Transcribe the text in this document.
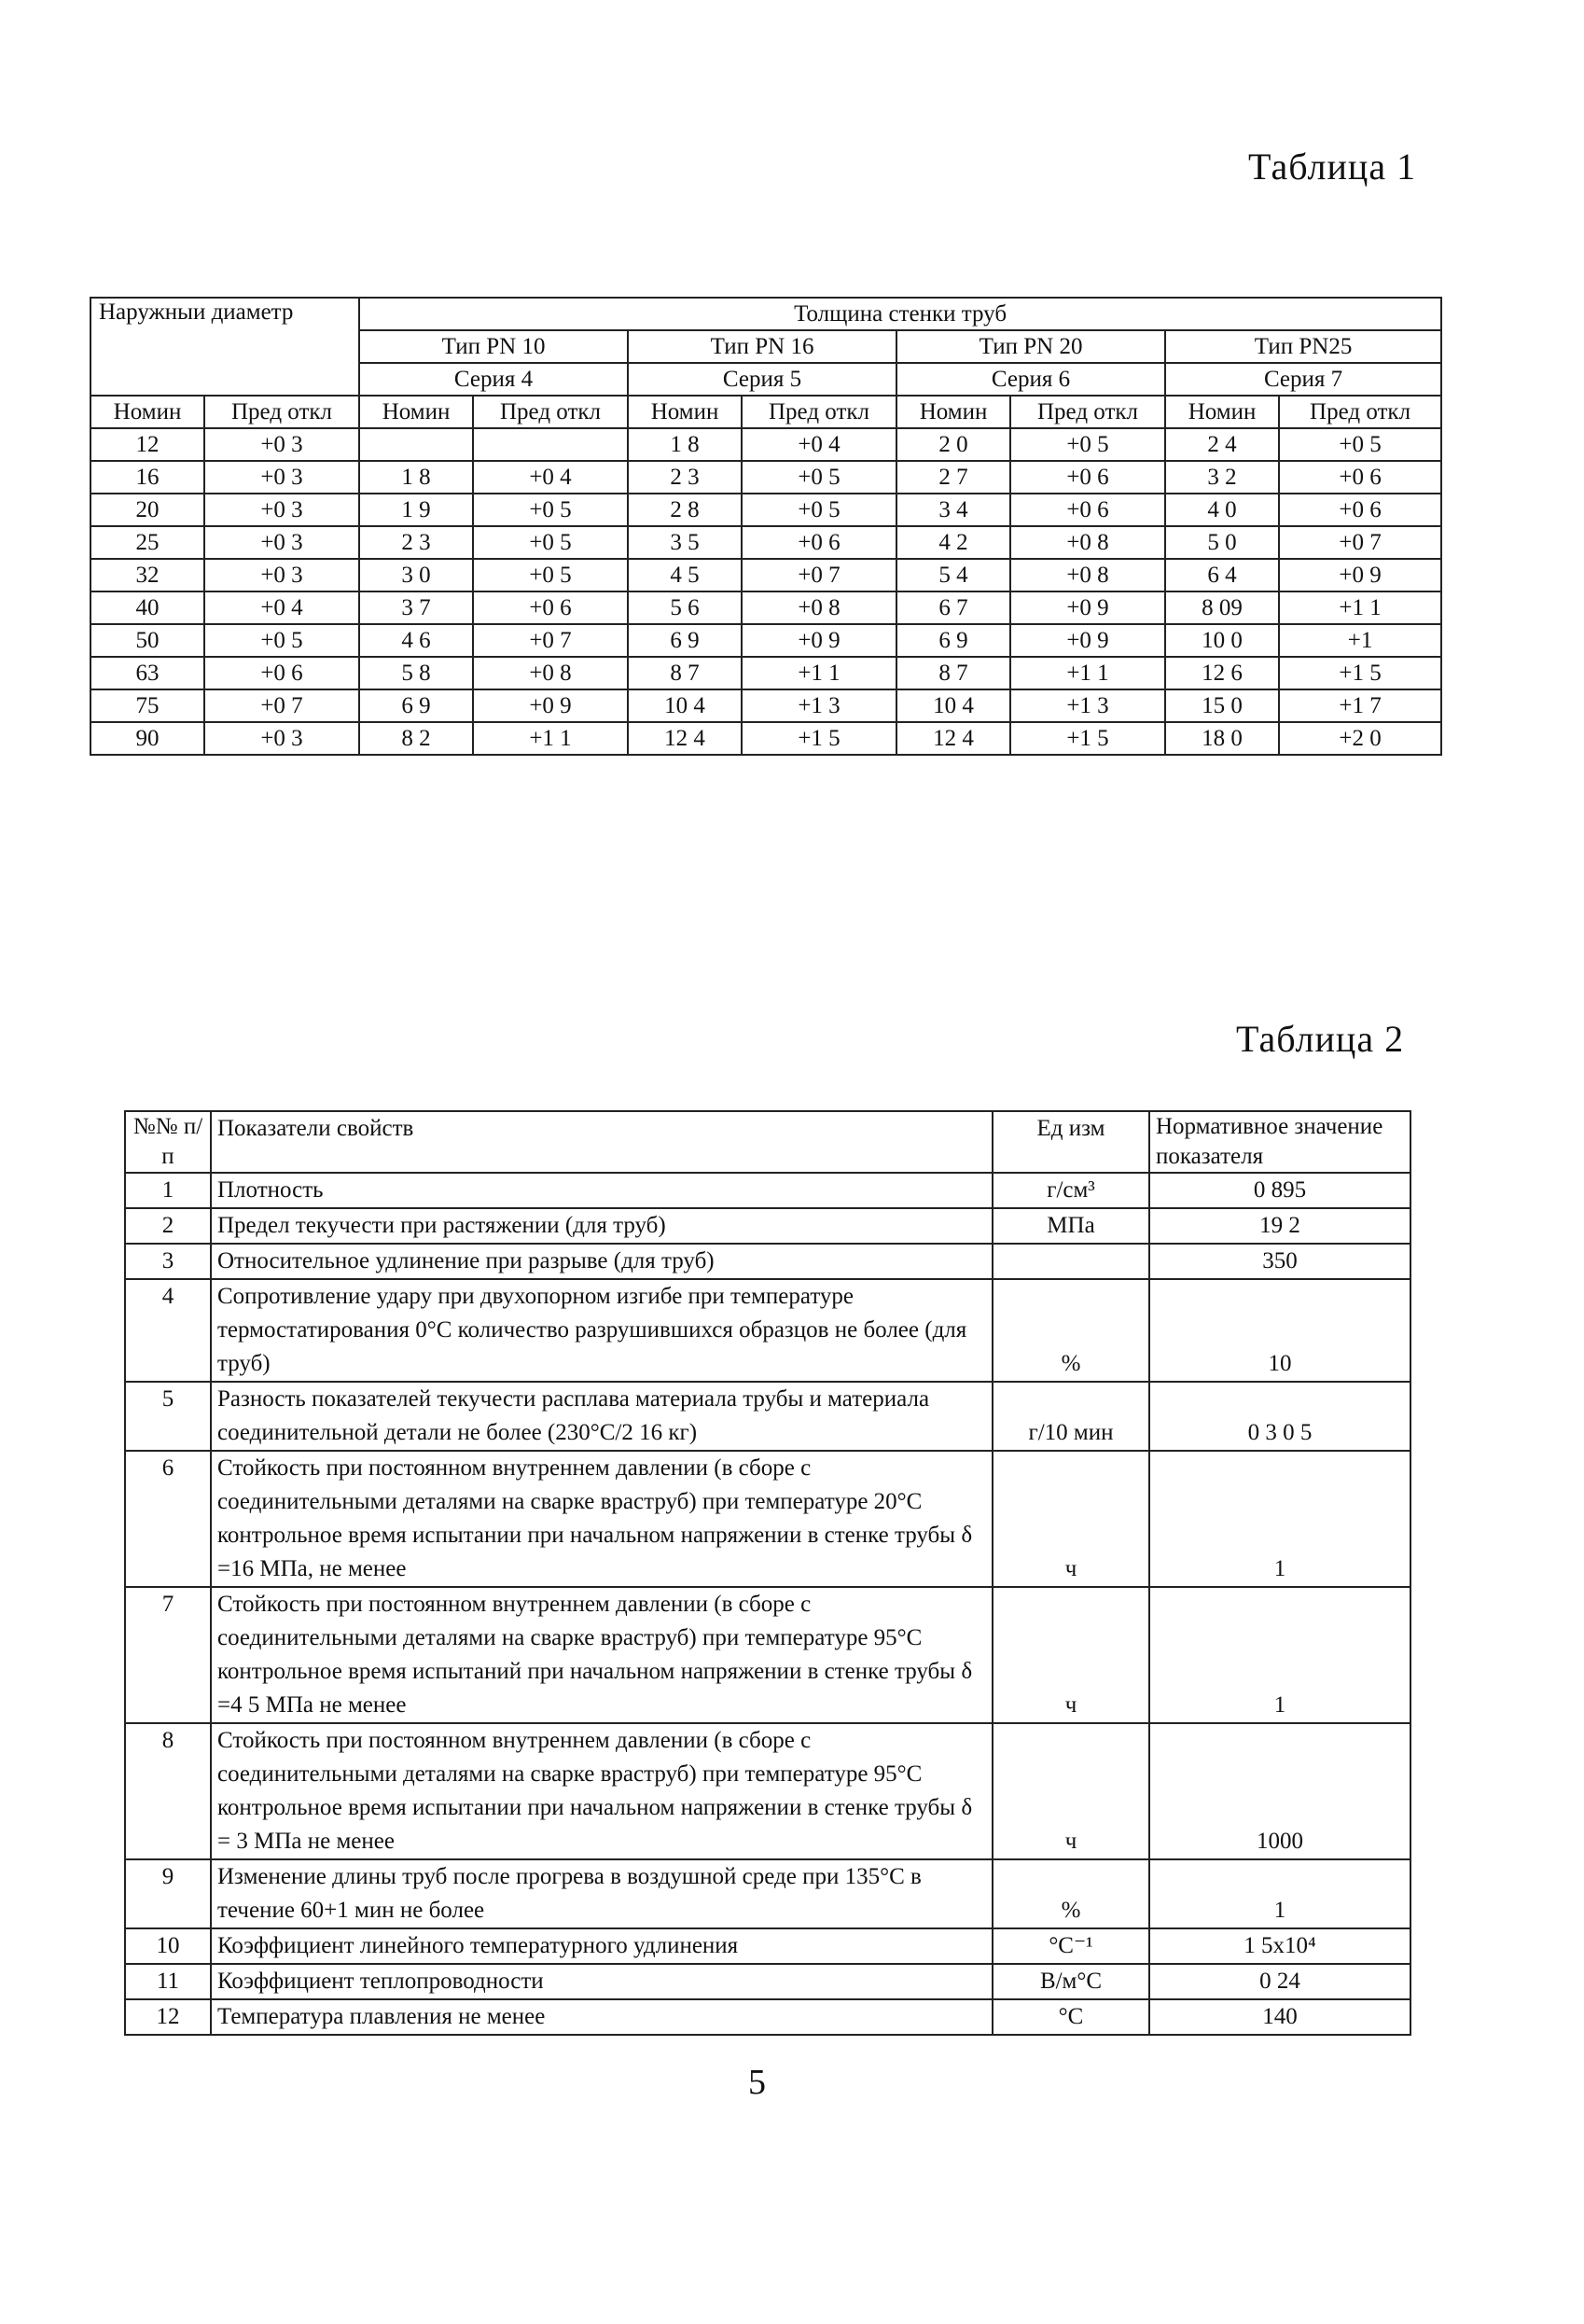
Таблица 1
Наружныи диаметр		Толщина стенки труб							
		Тип PN 10		Тип PN 16		Тип PN 20		Тип PN25	
		Серия 4		Серия 5		Серия 6		Серия 7	
Номин	Пред откл	Номин	Пред откл	Номин	Пред откл	Номин	Пред откл	Номин	Пред откл
12	+0 3			1 8	+0 4	2 0	+0 5	2 4	+0 5
16	+0 3	1 8	+0 4	2 3	+0 5	2 7	+0 6	3 2	+0 6
20	+0 3	1 9	+0 5	2 8	+0 5	3 4	+0 6	4 0	+0 6
25	+0 3	2 3	+0 5	3 5	+0 6	4 2	+0 8	5 0	+0 7
32	+0 3	3 0	+0 5	4 5	+0 7	5 4	+0 8	6 4	+0 9
40	+0 4	3 7	+0 6	5 6	+0 8	6 7	+0 9	8 09	+1 1
50	+0 5	4 6	+0 7	6 9	+0 9	6 9	+0 9	10 0	+1
63	+0 6	5 8	+0 8	8 7	+1 1	8 7	+1 1	12 6	+1 5
75	+0 7	6 9	+0 9	10 4	+1 3	10 4	+1 3	15 0	+1 7
90	+0 3	8 2	+1 1	12 4	+1 5	12 4	+1 5	18 0	+2 0
Таблица 2
№№ п/п	Показатели свойств	Ед изм	Нормативное значение показателя
1	Плотность	г/см³	0 895
2	Предел текучести при растяжении (для труб)	МПа	19 2
3	Относительное удлинение при разрыве (для труб)		350
4	Сопротивление удару при двухопорном изгибе при температуре термостатирования 0°С количество разрушившихся образцов не более (для труб)	%	10
5	Разность показателей текучести расплава материала трубы и материала соединительной детали не более (230°С/2 16 кг)	г/10 мин	0 3 0 5
6	Стойкость при постоянном внутреннем давлении (в сборе с соединительными деталями на сварке враструб) при температуре 20°С контрольное время испытании при начальном напряжении в стенке трубы δ =16 МПа, не менее	ч	1
7	Стойкость при постоянном внутреннем давлении (в сборе с соединительными деталями на сварке враструб) при температуре 95°С контрольное время испытаний при начальном напряжении в стенке трубы δ =4 5 МПа не менее	ч	1
8	Стойкость при постоянном внутреннем давлении (в сборе с соединительными деталями на сварке враструб) при температуре 95°С контрольное время испытании при начальном напряжении в стенке трубы δ = 3 МПа не менее	ч	1000
9	Изменение длины труб после прогрева в воздушной среде при 135°С в течение 60+1 мин не более	%	1
10	Коэффициент линейного температурного удлинения	°С⁻¹	1 5x10⁴
11	Коэффициент теплопроводности	В/м°С	0 24
12	Температура плавления не менее	°С	140
5
